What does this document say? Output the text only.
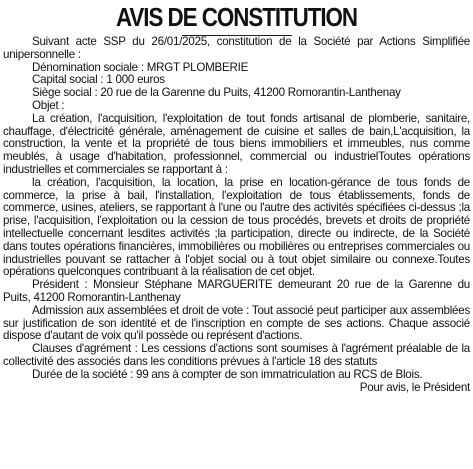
AVIS DE CONSTITUTION

Suivant acte SSP du 26/01/2025, constitution de la Société par Actions Simplifiée unipersonnelle :

Dénomination sociale : MRGT PLOMBERIE

Capital social : 1 000 euros

Siège social : 20 rue de la Garenne du Puits, 41200 Romorantin-Lanthenay

Objet :

La création, l'acquisition, l'exploitation de tout fonds artisanal de plomberie, sanitaire, chauffage, d'électricité générale, aménagement de cuisine et salles de bain,L'acquisition, la construction, la vente et la propriété de tous biens immobiliers et immeubles, nus comme meublés, à usage d'habitation, professionnel, commercial ou industrielToutes opérations industrielles et commerciales se rapportant à :

la création, l'acquisition, la location, la prise en location-gérance de tous fonds de commerce, la prise à bail, l'installation, l'exploitation de tous établissements, fonds de commerce, usines, ateliers, se rapportant à l'une ou l'autre des activités spécifiées ci-dessus ;la prise, l'acquisition, l'exploitation ou la cession de tous procédés, brevets et droits de propriété intellectuelle concernant lesdites activités ;la participation, directe ou indirecte, de la Société dans toutes opérations financières, immobilières ou mobilières ou entreprises commerciales ou industrielles pouvant se rattacher à l'objet social ou à tout objet similaire ou connexe.Toutes opérations quelconques contribuant à la réalisation de cet objet.

Président : Monsieur Stéphane MARGUERITE demeurant 20 rue de la Garenne du Puits, 41200 Romorantin-Lanthenay

Admission aux assemblées et droit de vote : Tout associé peut participer aux assemblées sur justification de son identité et de l'inscription en compte de ses actions. Chaque associé dispose d'autant de voix qu'il possède ou représent d'actions.

Clauses d'agrément : Les cessions d'actions sont soumises à l'agrément préalable de la collectivité des associés dans les conditions prévues à l'article 18 des statuts

Durée de la société : 99 ans à compter de son immatriculation au RCS de Blois.

Pour avis, le Président
